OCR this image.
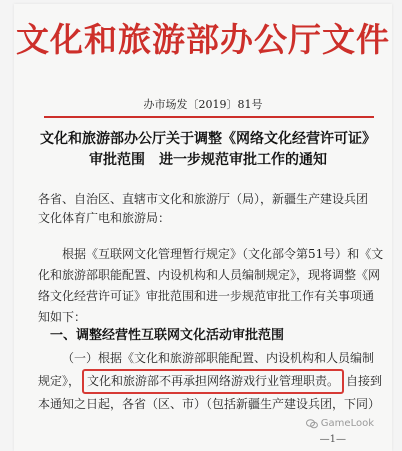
文化和旅游部办公厅文件
办市场发〔2019〕81号
文化和旅游部办公厅关于调整《网络文化经营许可证》
审批范围　进一步规范审批工作的通知
各省、自治区、直辖市文化和旅游厅（局），新疆生产建设兵团
文化体育广电和旅游局：
根据《互联网文化管理暂行规定》（文化部令第51号）和《文
化和旅游部职能配置、内设机构和人员编制规定》，现将调整《网
络文化经营许可证》审批范围和进一步规范审批工作有关事项通
知如下：
一、调整经营性互联网文化活动审批范围
（一）根据《文化和旅游部职能配置、内设机构和人员编制
规定》， 文化和旅游部不再承担网络游戏行业管理职责。 自接到
本通知之日起，各省（区、市）（包括新疆生产建设兵团，下同）
GameLook
—1—
